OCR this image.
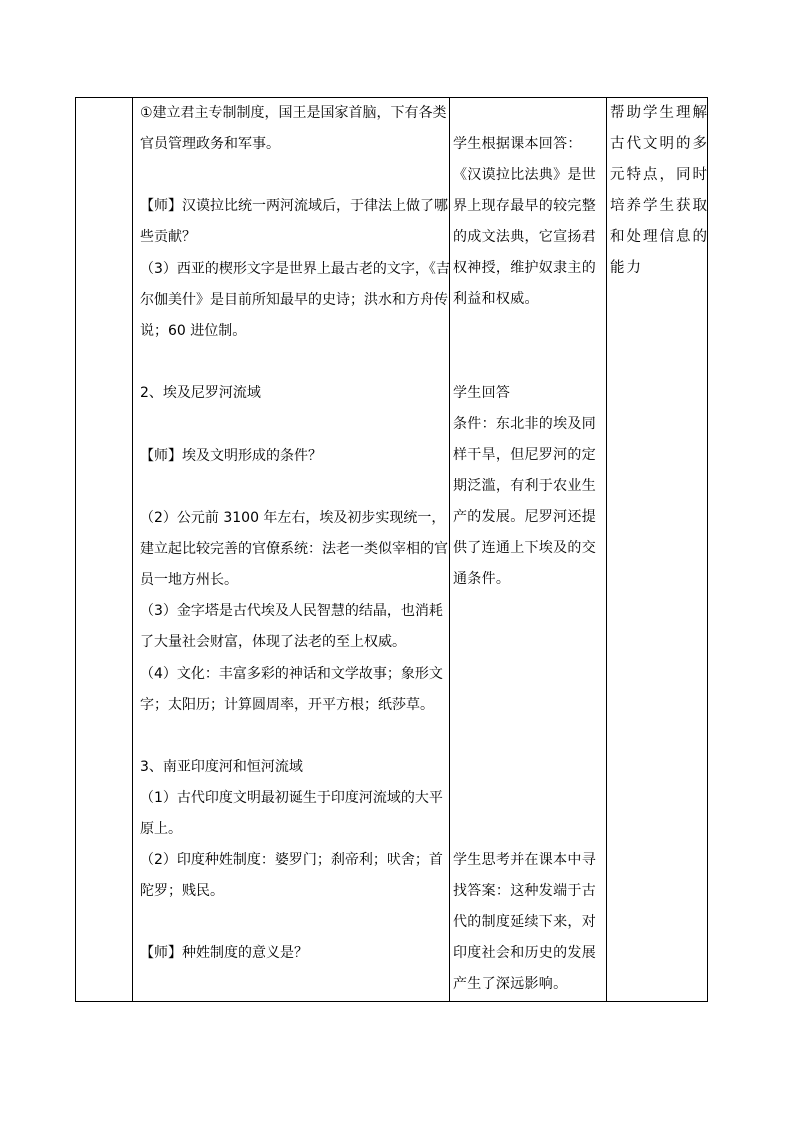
①建立君主专制制度，国王是国家首脑，下有各类官员管理政务和军事。

【师】汉谟拉比统一两河流域后，于律法上做了哪些贡献？

（3）西亚的楔形文字是世界上最古老的文字，《吉尔伽美什》是目前所知最早的史诗；洪水和方舟传说；60 进位制。

2、埃及尼罗河流域

【师】埃及文明形成的条件？

（2）公元前 3100 年左右，埃及初步实现统一，建立起比较完善的官僚系统：法老一类似宰相的官员一地方州长。

（3）金字塔是古代埃及人民智慧的结晶，也消耗了大量社会财富，体现了法老的至上权威。

（4）文化：丰富多彩的神话和文学故事；象形文字；太阳历；计算圆周率，开平方根；纸莎草。

3、南亚印度河和恒河流域

（1）古代印度文明最初诞生于印度河流域的大平原上。

（2）印度种姓制度：婆罗门；刹帝利；吠舍；首陀罗；贱民。

【师】种姓制度的意义是？

学生根据课本回答：《汉谟拉比法典》是世界上现存最早的较完整的成文法典，它宣扬君权神授，维护奴隶主的利益和权威。

学生回答

条件：东北非的埃及同样干旱，但尼罗河的定期泛滥，有利于农业生产的发展。尼罗河还提供了连通上下埃及的交通条件。

学生思考并在课本中寻找答案：这种发端于古代的制度延续下来，对印度社会和历史的发展产生了深远影响。

帮助学生理解古代文明的多元特点，同时培养学生获取和处理信息的能力
